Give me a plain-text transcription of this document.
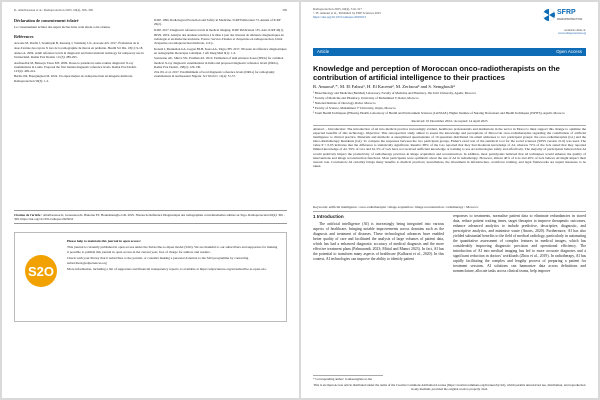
K. Allaribeassou et al.: Radioprotection 2025, 60(4), 306–309	309
Déclaration de consentement éclairé
Le consentement éclairé des sujets inclus dans cette étude a été obtenu.
Références
Aswone M, Dasfia J, Soumayah B, Kessang J, Tomdeng I, K, Aswone AN. 2017. Évaluation de la dose d'entrée des rayons X lors de la radiographie du thorax en pédiatrie. Health Sci Dis. 18(1): 9-18.
Annoa A. 2004. Adult reference levels in diagnostic and interventional radiology for temporary use in Switzerland. Radiat Prot Dosim. 111(3): 289-295.
Asafiouchal M, Balsseyo Tassa MT. 2009. Doses to patients in some routine diagnostic X-ray examinations in Lome. Proposal the first Iranian diagnostic reference levels. Radiat Prot Dosim. 123(4): 409-414.
Berths JM, Bourguignon M. 2024. Un enjeu majeur de radioprotection en imagerie médicale. Radioprotection 59(3): 1-2.
ICRP. 1996. Radiological Protection and Safety in Medicine. ICRP Publication 73. Annals of ICRP 26(2).
ICRP. 2017. Diagnostic reference levels in medical imaging. ICRP Publication 135. Ann. ICRP 46(1).
IRSN. 2019. Analyse des données relatives à la mise à jour des niveaux de référence diagnostiques en radiologie et en médecine nucléaire. France: Service d'études et d'expertise en radioprotection, Unité d'expertise en radioprotection médicale, 110 p.
Konaté I, Monnehan GA, Gogon BLH, Koua AA, Talgro PH. 2017. Niveaux de référence diagnostiques en radiographie thoracique à Abidjan. J Afr Imag Méd 9(1): 1-6.
Sonawane AU, Shirva VK, Pradhan AS. 2010. Estimation of skin entrance doses (SEDs) for common medical X-ray diagnostic examinations in India and proposed diagnostic reference levels (DRLs). Radiat Prot Dosim. 138(2): 129-136.
Zira JD, et al. 2017. Establishment of local diagnostic reference levels (DRLs) for radiography examinations in northeastern Nigeria. Sci World J. 12(4): 51-57.
Citation de l'article : Allaribeassou K, Gonoussou K, Bakorna ET, Houndenougbo GD. 2025. Niveau de Référence Diagnostique des radiographies conventionnelles adultes au Togo. Radioprotection 60(4): 306 - 309. https://doi.org/10.1051/radiopro/2025010
S2O
Please help to maintain this journal in open access!
This journal is currently published in open access under the Subscribe-to-Open model (S2O). We are thankful to our subscribers and supporters for making it possible to publish this journal in open access in the current year, free of charge for authors and readers.
Check with your library that it subscribes to the journal, or consider making a personal donation to the S2O programme by contacting subscribers@edpsciences.org
More information, including a list of supporters and financial transparency reports, is available at https://edpsciences.org/en/subscribe-to-open-s2o.
Radioprotection 2025, 60(4), 310–317
© B. Amaoui et al., Published by EDP Sciences 2025
https://doi.org/10.1051/radiopro/2025013
SFRP
RADIOPROTECTION
Available online at:
www.radioprotection.org
Article	Open Access
Knowledge and perception of Moroccan onco-radiotherapists on the contribution of artificial intelligence to their practices
B. Amaoui¹,*, M. El Fahssi¹, H. El Kacemi², M. Zerfaoui³ and S. Semghouli⁴
¹ Biotechnology and Medicine (BioMed) Laboratory, Faculty of Medicine and Pharmacy, Ibn Zohr University, Agadir, Morocco
² Faculty of Medicine and Pharmacy, University of Mohammed V, Rabat, Morocco
³ National Institute of Oncology, Rabat, Morocco
⁴ Faculty of Science, Mohammed 1ˢᵗ University, Oujda, Morocco
⁵ Team Health Techniques (HTeam), Health, Laboratory of Health and Environment Sciences (LabSSAE), Higher Institute of Nursing Professions and Health Techniques (ISPITS), Agadir, Morocco
Received: 10 December 2024 / Accepted: 14 April 2025
Abstract – Introduction: The introduction of AI into medical practice increasingly evident, healthcare professionals and institutions in the sector in Morocco must support this change to optimise the expected benefits of this technology. Objective: This retrospective study aimed to assess the knowledge and perceptions of Moroccan onco-radiotherapists regarding the contribution of artificial intelligence to clinical practice. Materials and methods: A anonymised questionnaire of 19 questions distributed via email addresses to two participant groups: the onco-radiotherapists (G1) and the Onco-Radiotherapy Residents (G2). To compare the responses between the two participant groups, Fisher's exact test of the statistical tool for the social sciences (SPSS version 21.0) was used. The value P < 0.05 indicates that the difference is statistically significant. Results: 68% of the G1s reported that they had moderate knowledge of AI, whereas 72% of the G2s stated that they reported limited knowledge of AI. 59% of G1s and 61.3% of G2s have not received sufficient knowledge or training to use AI technologies safely and effectively. The majority of participants believed that AI would positively impact the productivity of radiotherapy practices in image acquisition and reconstruction. In addition, most participants believed that AI techniques would enhance the quality of interventions and image reconstruction functions. Most participants were optimistic about the use of AI in radiotherapy. However, almost 40% of G1s and 40% of G2s believe AI might impact their current role. Conclusion: AI certainly brings many benefits to medical practices; nevertheless, the investment in infrastructure, workforce training, and legal frameworks are urgent measures to be taken.
Keywords: artificial intelligence / onco-radiotherapist / image acquisition / image reconstruction / radiotherapy / Morocco
1 Introduction
The artificial intelligence (AI) is increasingly being integrated into various aspects of healthcare, bringing notable improvements across domains such as the diagnosis and treatment of diseases. These technological advances have enabled better quality of care and facilitated the analysis of large volumes of patient data, which has had a enhanced diagnostic accuracy of medical diagnosis and the more effective treatment plans (Palmarandi, 2023; Mitial and Mamri 2023). In fact, AI has the potential to transform many aspects of healthcare (Kulkarni et al., 2020). In this context, AI technologies can improve the ability to identify patient
responses to treatments, normalise patient data to eliminate redundancies in stored data, reduce patient waiting times, target therapies to improve therapeutic outcomes, enhance advanced analytics to include predictive, descriptive, diagnostic, and prescriptive analytics, and minimise waste (Anons, 2020). Furthermore, AI has also yielded substantial benefits to the field of medical radiology, particularly in automating the quantitative assessment of complex features in medical images, which has considerably improving diagnostic precision and operational efficiency. The introduction of AI into medical imaging has led to more accurate diagnoses and a significant reduction in doctors' workloads (Zhou et al., 2019). In radiotherapy, AI has rapidly facilitating the complex and lengthy process of preparing a patient for treatment sessions. AI solutions can harmonize data across definitions and nomenclature, allocate tasks across clinical teams, help improve
* Corresponding author: b.amaoui@uiz.ac.ma
This is an Open Access article distributed under the terms of the Creative Commons Attribution License (https://creativecommons.org/licenses/by/4.0), which permits unrestricted use, distribution, and reproduction in any medium, provided the original work is properly cited.
